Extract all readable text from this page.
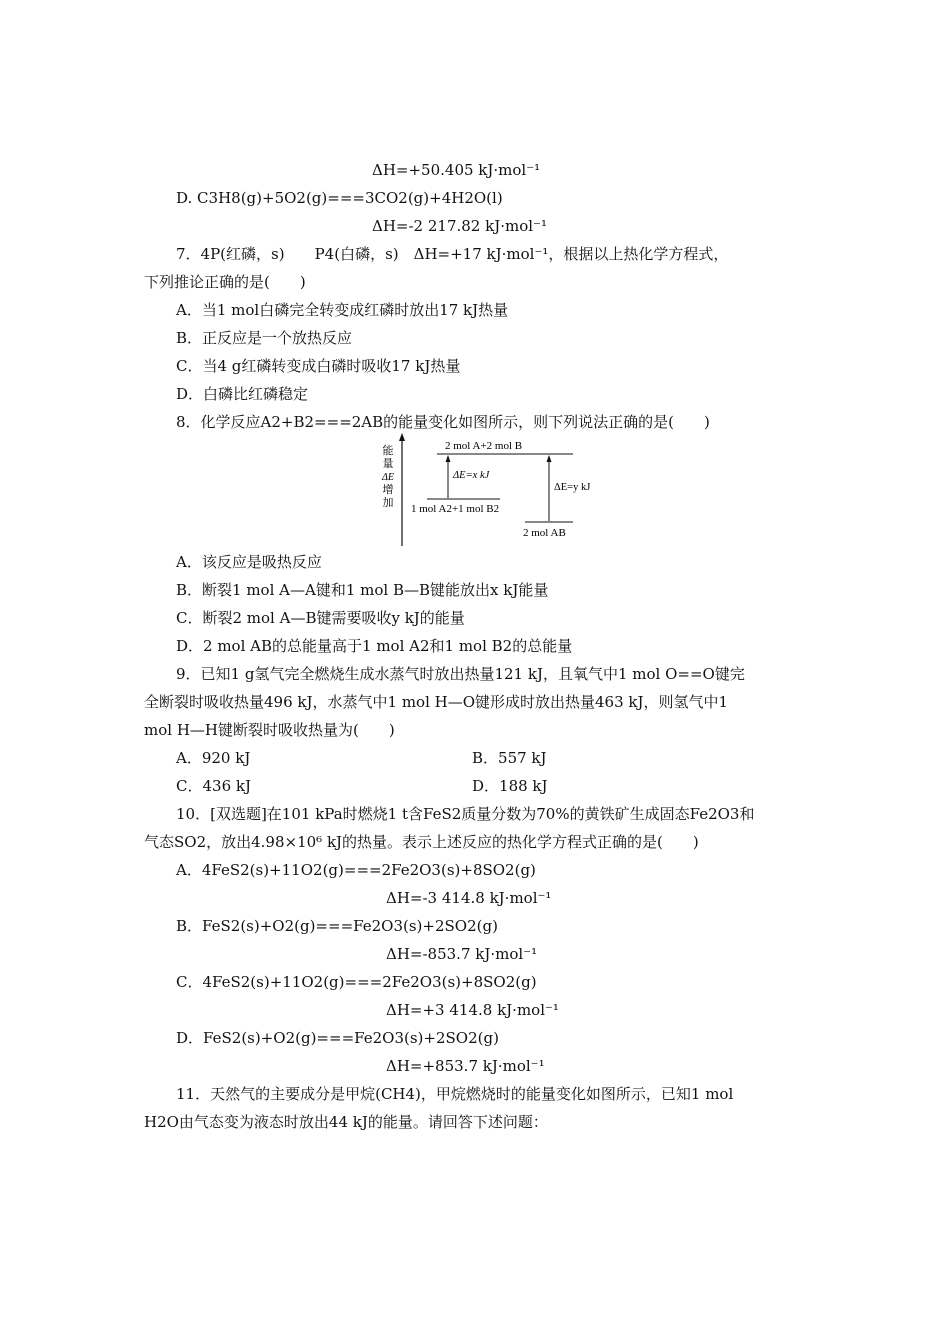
ΔH=+50.405 kJ·mol⁻¹
D. C3H8(g)+5O2(g)===3CO2(g)+4H2O(l)
ΔH=-2 217.82 kJ·mol⁻¹
7．4P(红磷，s)　　P4(白磷，s)　ΔH=+17 kJ·mol⁻¹，根据以上热化学方程式，
下列推论正确的是(　　)
A．当1 mol白磷完全转变成红磷时放出17 kJ热量
B．正反应是一个放热反应
C．当4 g红磷转变成白磷时吸收17 kJ热量
D．白磷比红磷稳定
8．化学反应A2+B2===2AB的能量变化如图所示，则下列说法正确的是(　　)
能
量
ΔE
增
加
2 mol A+2 mol B
1 mol A2+1 mol B2
2 mol AB
ΔE=x kJ
ΔE=y kJ
A．该反应是吸热反应
B．断裂1 mol A—A键和1 mol B—B键能放出x kJ能量
C．断裂2 mol A—B键需要吸收y kJ的能量
D．2 mol AB的总能量高于1 mol A2和1 mol B2的总能量
9．已知1 g氢气完全燃烧生成水蒸气时放出热量121 kJ，且氧气中1 mol O==O键完
全断裂时吸收热量496 kJ，水蒸气中1 mol H—O键形成时放出热量463 kJ，则氢气中1
mol H—H键断裂时吸收热量为(　　)
A．920 kJ	B．557 kJ
C．436 kJ	D．188 kJ
10．[双选题]在101 kPa时燃烧1 t含FeS2质量分数为70%的黄铁矿生成固态Fe2O3和
气态SO2，放出4.98×10⁶ kJ的热量。表示上述反应的热化学方程式正确的是(　　)
A．4FeS2(s)+11O2(g)===2Fe2O3(s)+8SO2(g)
ΔH=-3 414.8 kJ·mol⁻¹
B．FeS2(s)+O2(g)===Fe2O3(s)+2SO2(g)
ΔH=-853.7 kJ·mol⁻¹
C．4FeS2(s)+11O2(g)===2Fe2O3(s)+8SO2(g)
ΔH=+3 414.8 kJ·mol⁻¹
D．FeS2(s)+O2(g)===Fe2O3(s)+2SO2(g)
ΔH=+853.7 kJ·mol⁻¹
11．天然气的主要成分是甲烷(CH4)，甲烷燃烧时的能量变化如图所示，已知1 mol
H2O由气态变为液态时放出44 kJ的能量。请回答下述问题：
